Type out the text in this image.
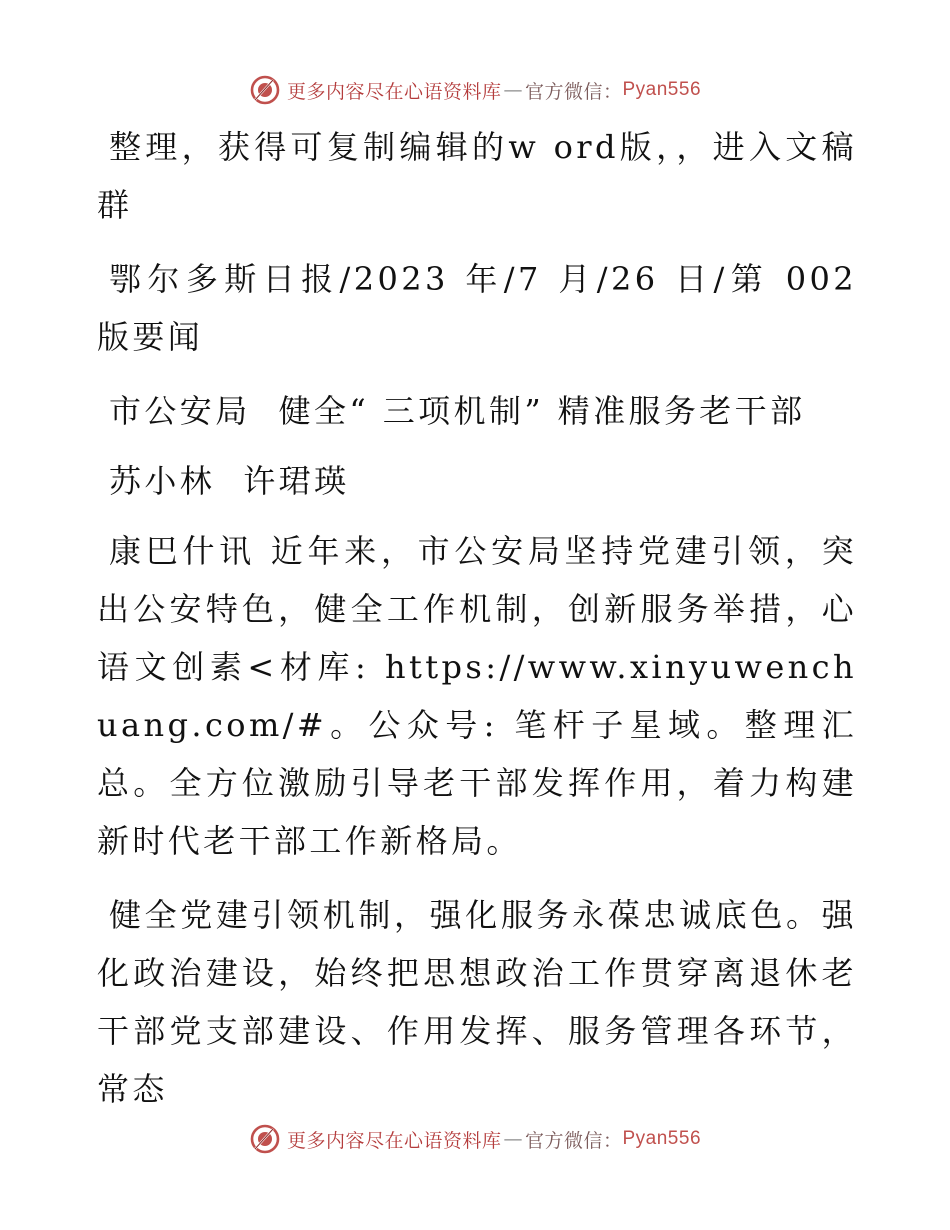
更多内容尽在心语资料库 — 官方微信： Pyan556

整理，获得可复制编辑的w ord版，，进入文稿群

鄂尔多斯日报/2023 年/7 月/26 日/第 002 版要闻

市公安局 健全“ 三项机制” 精准服务老干部

苏小林 许珺瑛

康巴什讯 近年来，市公安局坚持党建引领，突出公安特色，健全工作机制，创新服务举措，心语文创素<材库: https://www.xinyuwenchuang.com/#。公众号: 笔杆子星域。整理汇总。全方位激励引导老干部发挥作用，着力构建新时代老干部工作新格局。

健全党建引领机制，强化服务永葆忠诚底色。强化政治建设，始终把思想政治工作贯穿离退休老干部党支部建设、作用发挥、服务管理各环节，常态

更多内容尽在心语资料库 — 官方微信： Pyan556
